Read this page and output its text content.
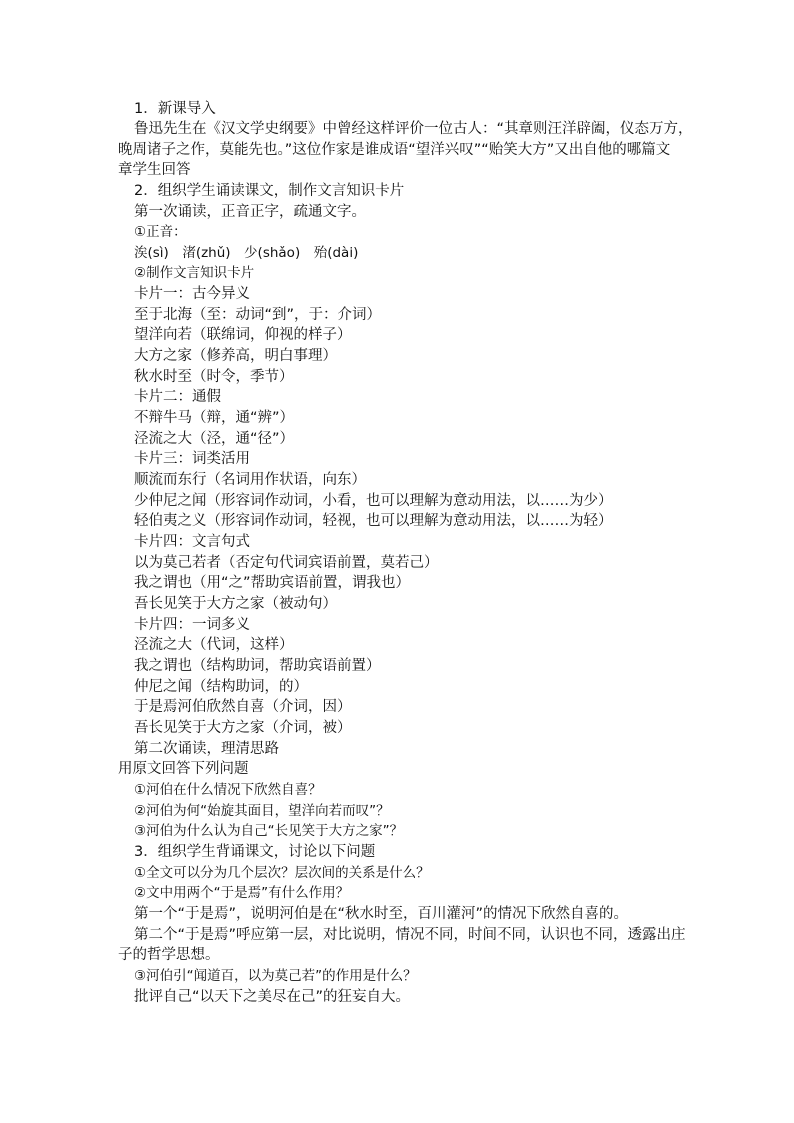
1．新课导入
鲁迅先生在《汉文学史纲要》中曾经这样评价一位古人：“其章则汪洋辟阖，仪态万方，
晚周诸子之作，莫能先也。”这位作家是谁成语“望洋兴叹”“贻笑大方”又出自他的哪篇文
章学生回答
2．组织学生诵读课文，制作文言知识卡片
第一次诵读，正音正字，疏通文字。
①正音：
涘(sì)　渚(zhǔ)　少(shǎo)　殆(dài)
②制作文言知识卡片
卡片一：古今异义
至于北海（至：动词“到”，于：介词）
望洋向若（联绵词，仰视的样子）
大方之家（修养高，明白事理）
秋水时至（时令，季节）
卡片二：通假
不辩牛马（辩，通“辨”）
泾流之大（泾，通“径”）
卡片三：词类活用
顺流而东行（名词用作状语，向东）
少仲尼之闻（形容词作动词，小看，也可以理解为意动用法，以……为少）
轻伯夷之义（形容词作动词，轻视，也可以理解为意动用法，以……为轻）
卡片四：文言句式
以为莫己若者（否定句代词宾语前置，莫若己）
我之谓也（用“之”帮助宾语前置，谓我也）
吾长见笑于大方之家（被动句）
卡片四：一词多义
泾流之大（代词，这样）
我之谓也（结构助词，帮助宾语前置）
仲尼之闻（结构助词，的）
于是焉河伯欣然自喜（介词，因）
吾长见笑于大方之家（介词，被）
第二次诵读，理清思路
用原文回答下列问题
①河伯在什么情况下欣然自喜？
②河伯为何“始旋其面目，望洋向若而叹”？
③河伯为什么认为自己“长见笑于大方之家”？
3．组织学生背诵课文，讨论以下问题
①全文可以分为几个层次？层次间的关系是什么？
②文中用两个“于是焉”有什么作用？
第一个“于是焉”，说明河伯是在“秋水时至，百川灌河”的情况下欣然自喜的。
第二个“于是焉”呼应第一层，对比说明，情况不同，时间不同，认识也不同，透露出庄
子的哲学思想。
③河伯引“闻道百，以为莫己若”的作用是什么？
批评自己“以天下之美尽在己”的狂妄自大。
